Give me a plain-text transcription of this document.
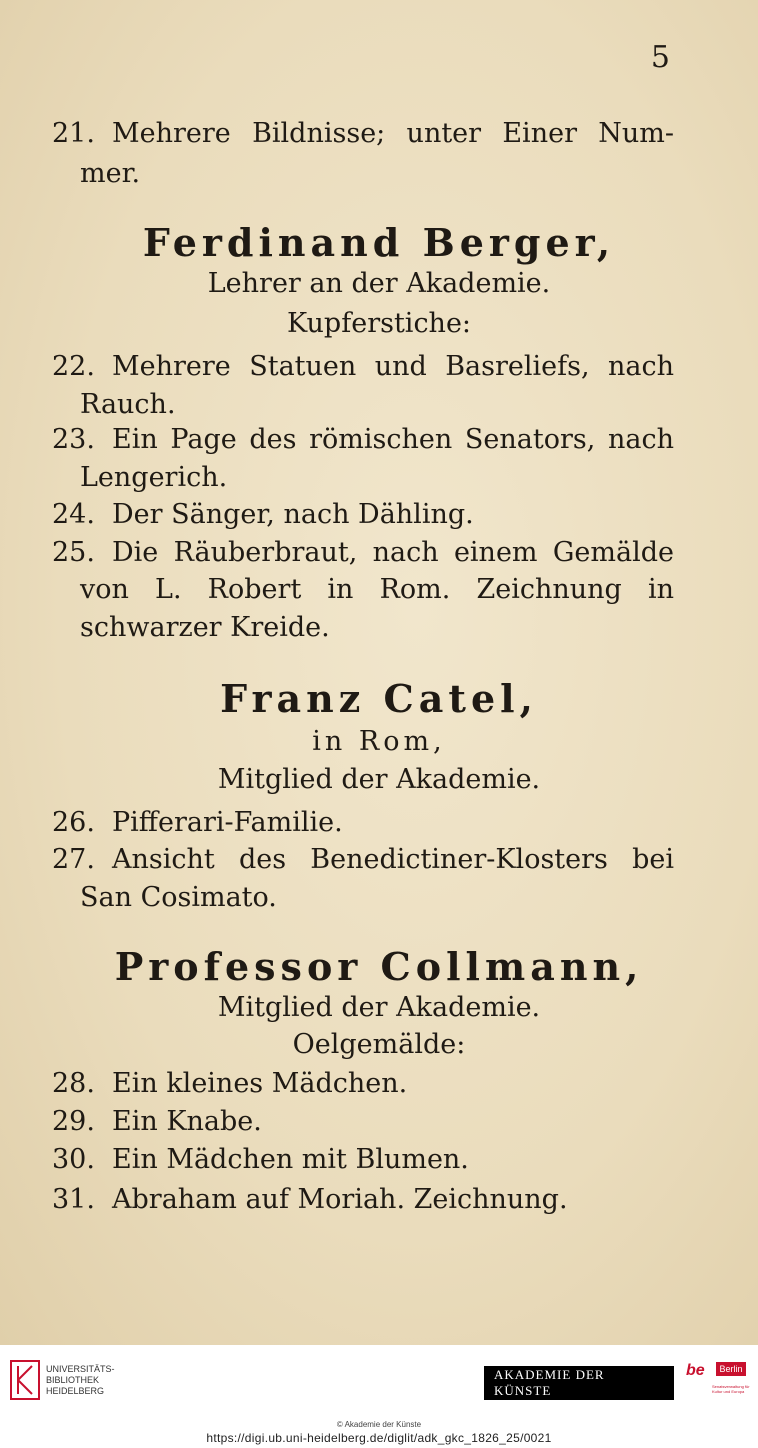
5
21. Mehrere Bildnisse; unter Einer Num-
mer.
Ferdinand Berger,
Lehrer an der Akademie.
Kupferstiche:
22. Mehrere Statuen und Basreliefs, nach
Rauch.
23. Ein Page des römischen Senators, nach
Lengerich.
24. Der Sänger, nach Dähling.
25. Die Räuberbraut, nach einem Gemälde
von L. Robert in Rom. Zeichnung in
schwarzer Kreide.
Franz Catel,
in Rom,
Mitglied der Akademie.
26. Pifferari-Familie.
27. Ansicht des Benedictiner-Klosters bei
San Cosimato.
Professor Collmann,
Mitglied der Akademie.
Oelgemälde:
28. Ein kleines Mädchen.
29. Ein Knabe.
30. Ein Mädchen mit Blumen.
31. Abraham auf Moriah. Zeichnung.
UNIVERSITÄTS-
BIBLIOTHEK
HEIDELBERG
AKADEMIE DER KÜNSTE
be	Berlin
Senatsverwaltung für Kultur und Europa
© Akademie der Künste
https://digi.ub.uni-heidelberg.de/diglit/adk_gkc_1826_25/0021
